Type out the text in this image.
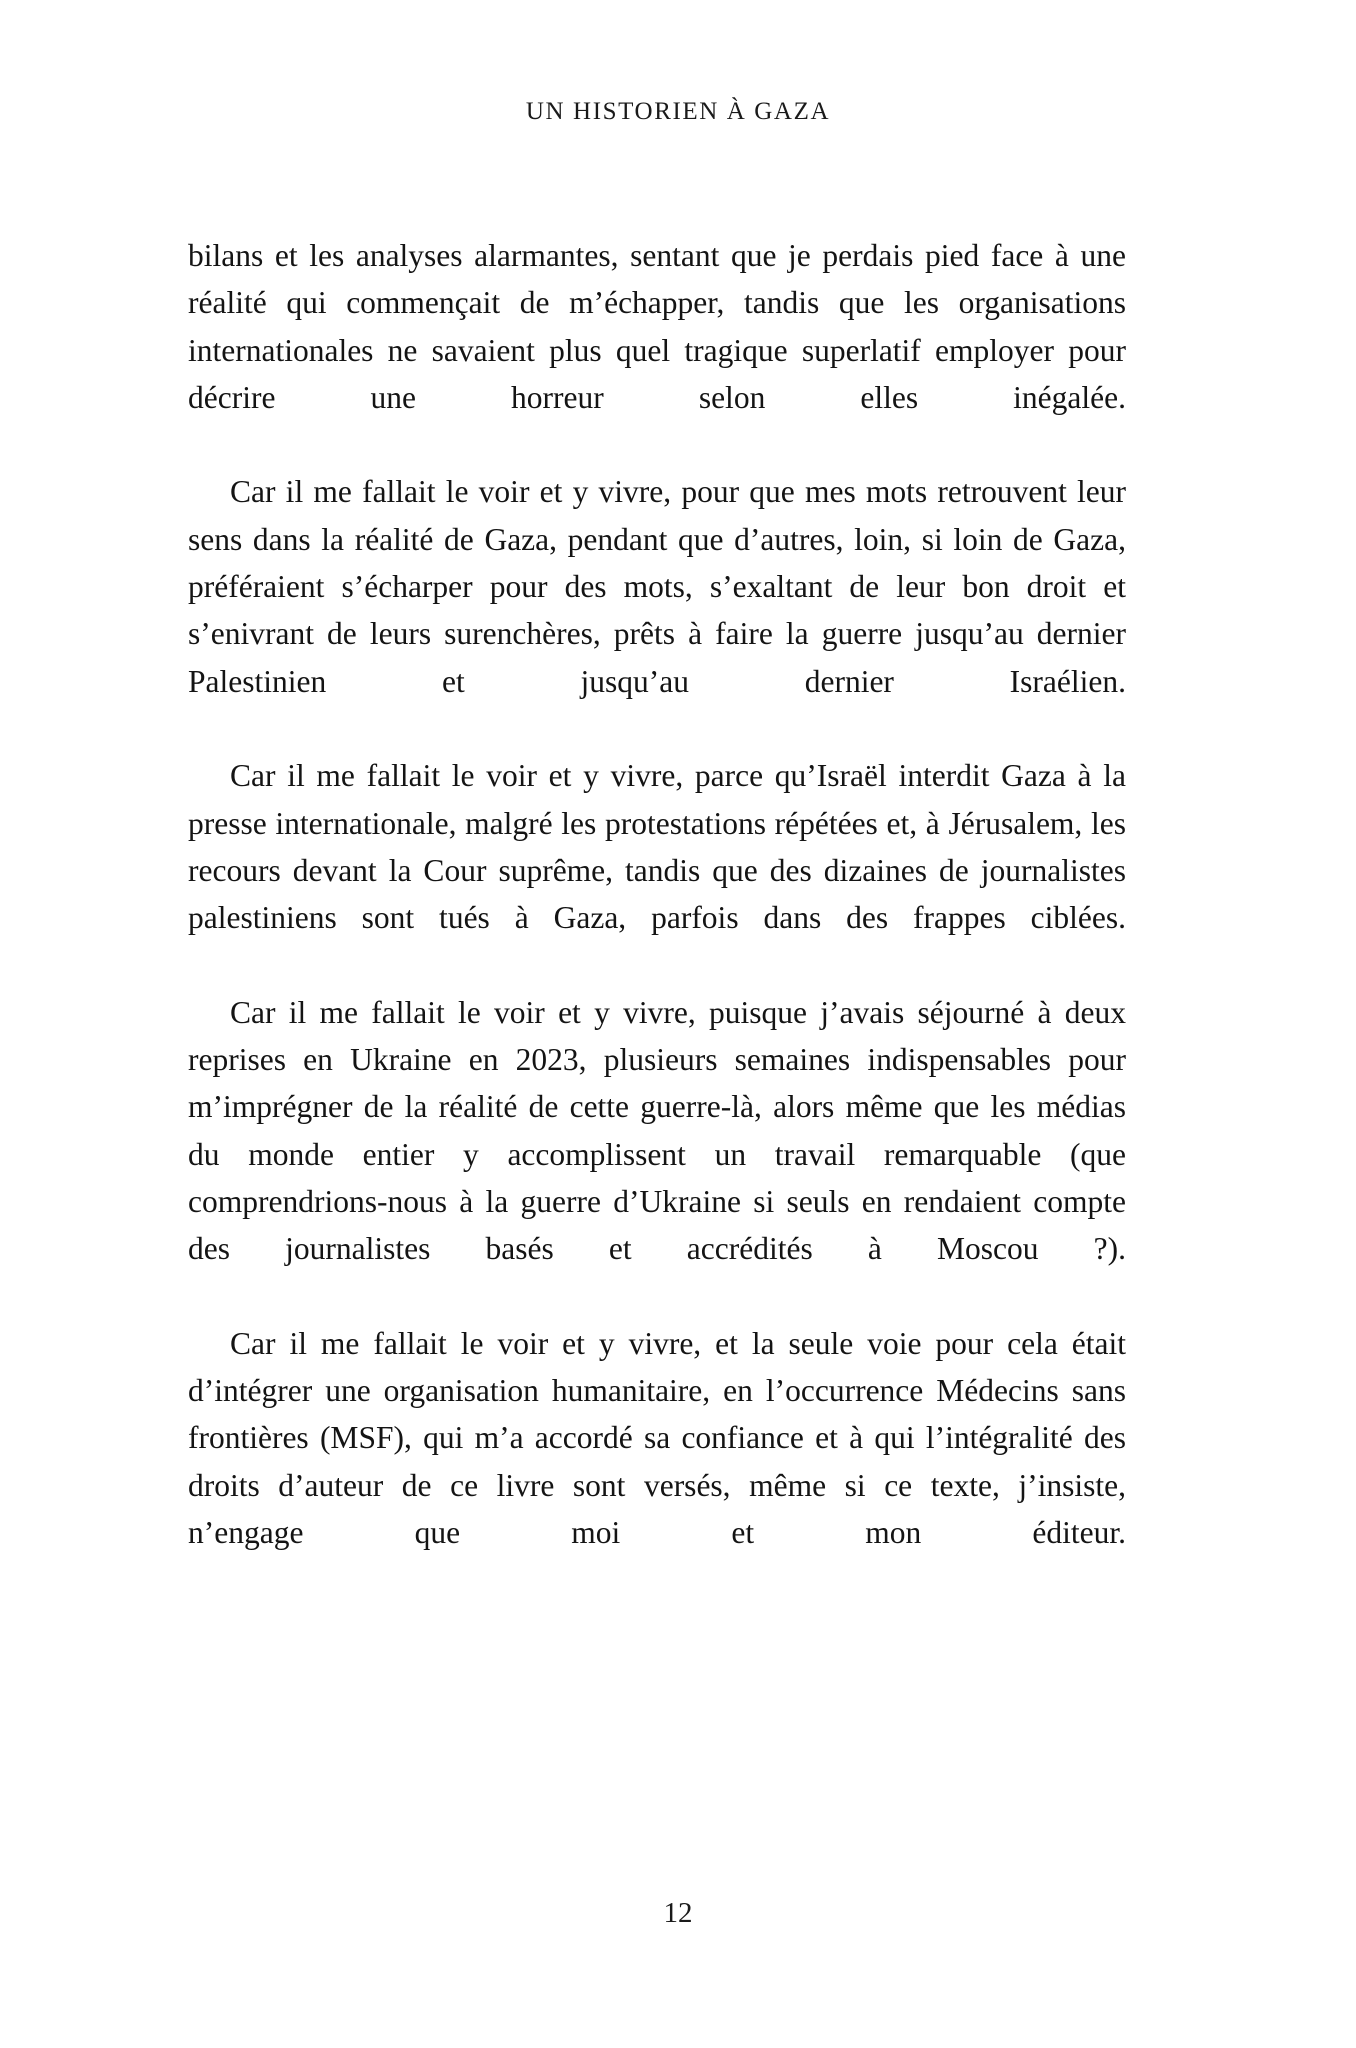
UN HISTORIEN À GAZA

bilans et les analyses alarmantes, sentant que je perdais pied face à une réalité qui commençait de m’échapper, tandis que les organisations internationales ne savaient plus quel tragique superlatif employer pour décrire une horreur selon elles inégalée.

Car il me fallait le voir et y vivre, pour que mes mots retrouvent leur sens dans la réalité de Gaza, pendant que d’autres, loin, si loin de Gaza, préféraient s’écharper pour des mots, s’exaltant de leur bon droit et s’enivrant de leurs surenchères, prêts à faire la guerre jusqu’au dernier Palestinien et jusqu’au dernier Israélien.

Car il me fallait le voir et y vivre, parce qu’Israël interdit Gaza à la presse internationale, malgré les protestations répétées et, à Jérusalem, les recours devant la Cour suprême, tandis que des dizaines de journalistes palestiniens sont tués à Gaza, parfois dans des frappes ciblées.

Car il me fallait le voir et y vivre, puisque j’avais séjourné à deux reprises en Ukraine en 2023, plusieurs semaines indispensables pour m’imprégner de la réalité de cette guerre-là, alors même que les médias du monde entier y accomplissent un travail remarquable (que comprendrions-nous à la guerre d’Ukraine si seuls en rendaient compte des journalistes basés et accrédités à Moscou ?).

Car il me fallait le voir et y vivre, et la seule voie pour cela était d’intégrer une organisation humanitaire, en l’occurrence Médecins sans frontières (MSF), qui m’a accordé sa confiance et à qui l’intégralité des droits d’auteur de ce livre sont versés, même si ce texte, j’insiste, n’engage que moi et mon éditeur.

12
